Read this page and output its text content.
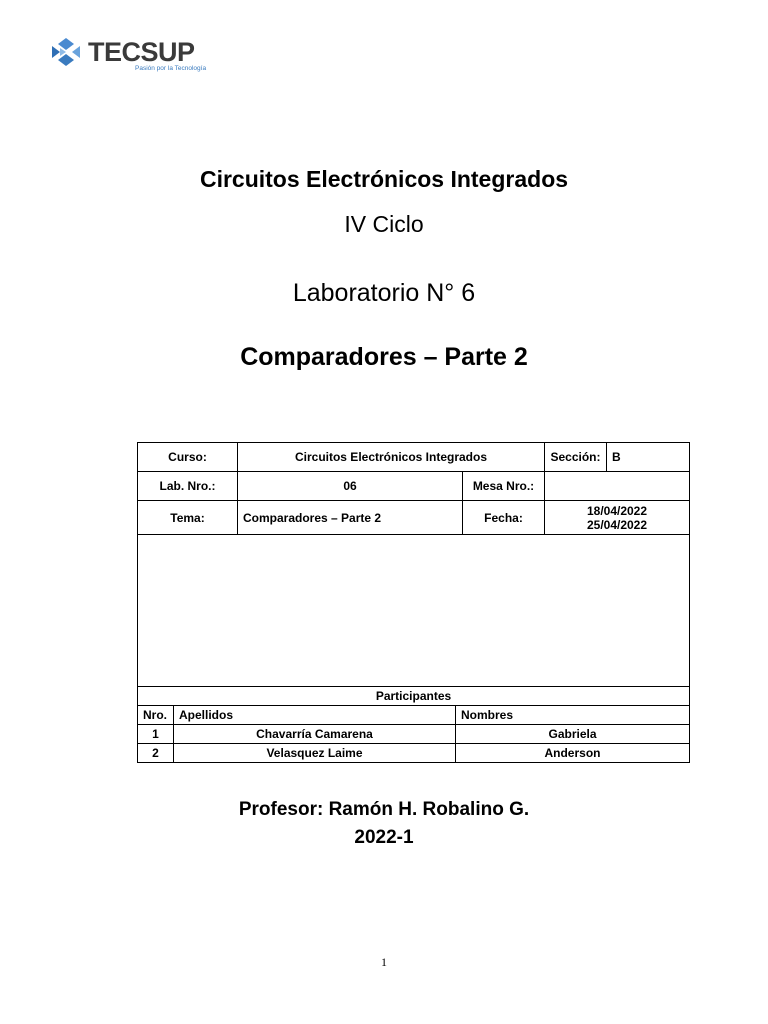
TECSUP
Pasión por la Tecnología
Circuitos Electrónicos Integrados
IV Ciclo
Laboratorio N° 6
Comparadores – Parte 2
Curso:	Circuitos Electrónicos Integrados	Sección: B
Lab. Nro.:	06	Mesa Nro.:
Tema:	Comparadores – Parte 2	Fecha:	18/04/2022
25/04/2022
Participantes
Nro.	Apellidos	Nombres
1	Chavarría Camarena	Gabriela
2	Velasquez Laime	Anderson
Profesor: Ramón H. Robalino G.
2022-1
1
